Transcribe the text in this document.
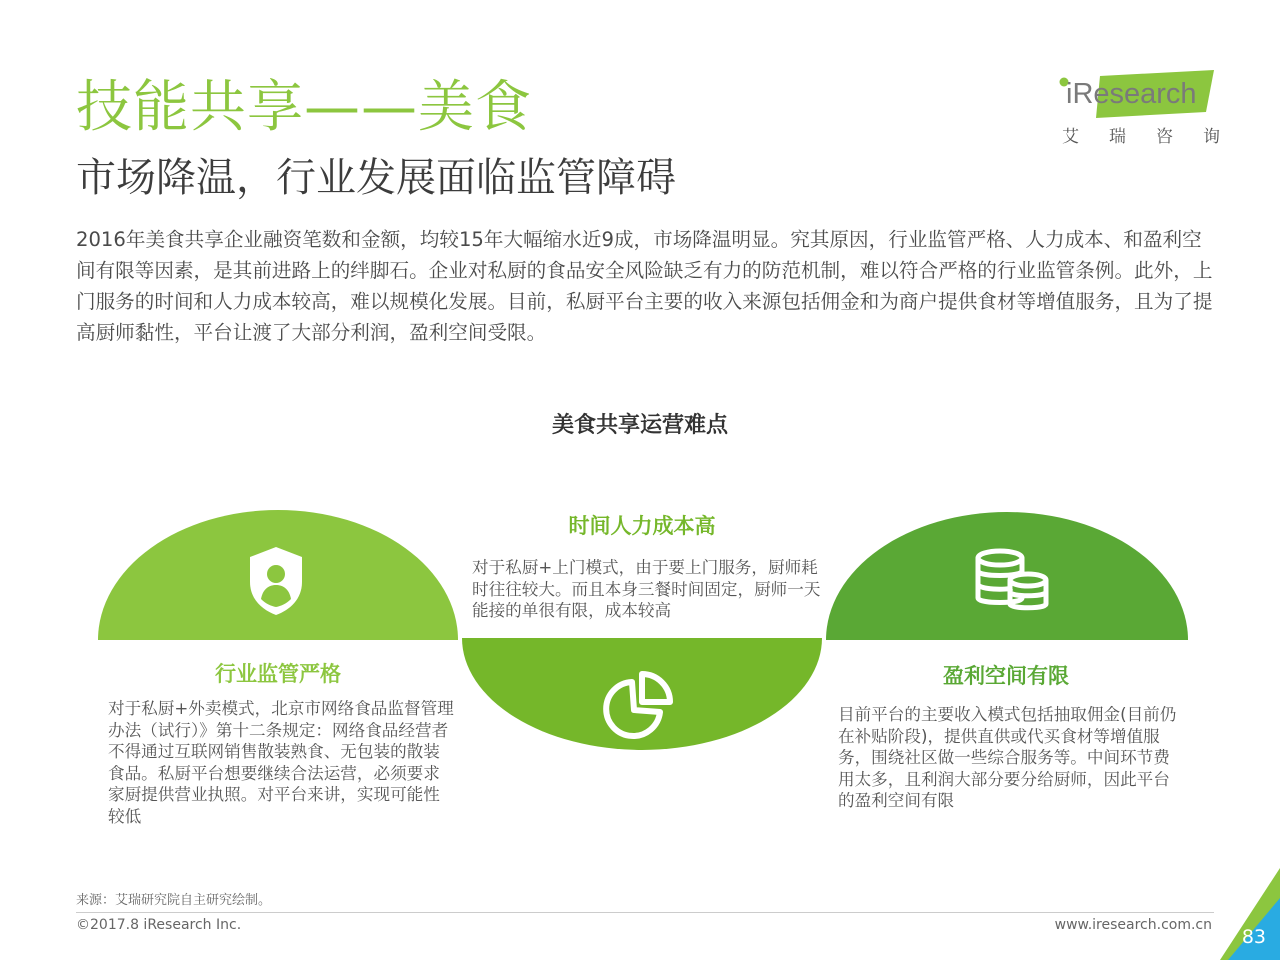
技能共享——美食
市场降温，行业发展面临监管障碍
iResearch
艾 瑞 咨 询

2016年美食共享企业融资笔数和金额，均较15年大幅缩水近9成，市场降温明显。究其原因，行业监管严格、人力成本、和盈利空间有限等因素，是其前进路上的绊脚石。企业对私厨的食品安全风险缺乏有力的防范机制，难以符合严格的行业监管条例。此外，上门服务的时间和人力成本较高，难以规模化发展。目前，私厨平台主要的收入来源包括佣金和为商户提供食材等增值服务，且为了提高厨师黏性，平台让渡了大部分利润，盈利空间受限。

美食共享运营难点
行业监管严格

对于私厨+外卖模式，北京市网络食品监督管理办法（试行）》第十二条规定：网络食品经营者不得通过互联网销售散装熟食、无包装的散装食品。私厨平台想要继续合法运营，必须要求家厨提供营业执照。对平台来讲，实现可能性较低

时间人力成本高

对于私厨+上门模式，由于要上门服务，厨师耗时往往较大。而且本身三餐时间固定，厨师一天能接的单很有限，成本较高

盈利空间有限

目前平台的主要收入模式包括抽取佣金(目前仍在补贴阶段)，提供直供或代买食材等增值服务，围绕社区做一些综合服务等。中间环节费用太多，且利润大部分要分给厨师，因此平台的盈利空间有限

来源：艾瑞研究院自主研究绘制。
©2017.8 iResearch Inc.	www.iresearch.com.cn
83
